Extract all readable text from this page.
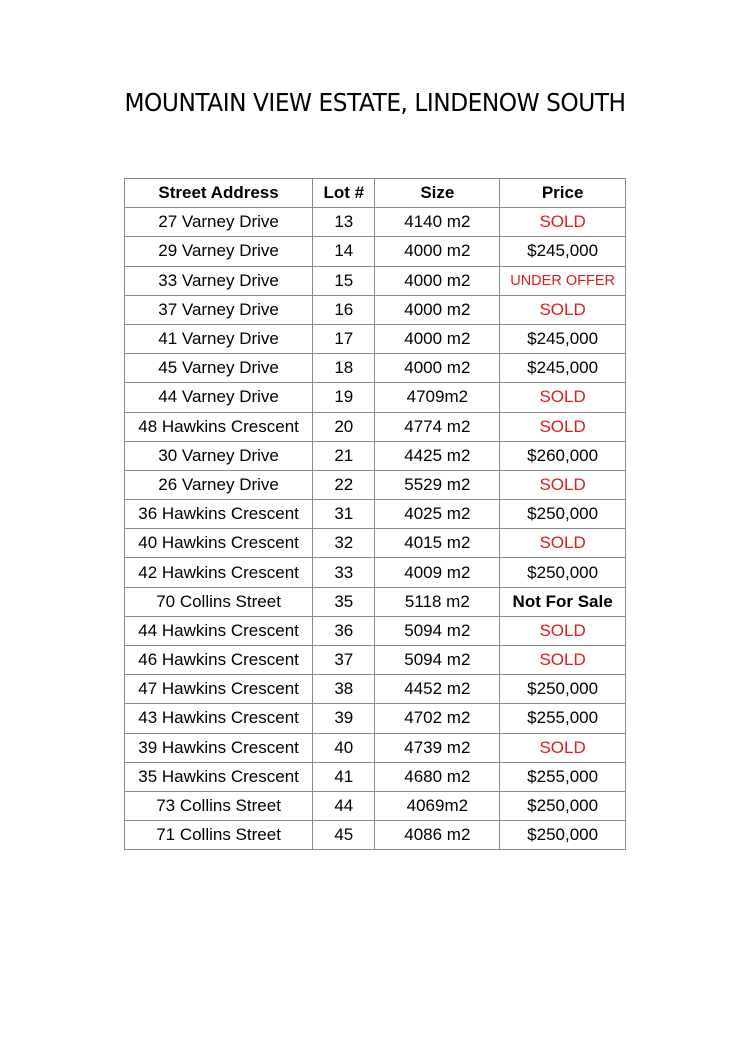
MOUNTAIN VIEW ESTATE, LINDENOW SOUTH
Street Address	Lot #	Size	Price
27 Varney Drive	13	4140 m2	SOLD
29 Varney Drive	14	4000 m2	$245,000
33 Varney Drive	15	4000 m2	UNDER OFFER
37 Varney Drive	16	4000 m2	SOLD
41 Varney Drive	17	4000 m2	$245,000
45 Varney Drive	18	4000 m2	$245,000
44 Varney Drive	19	4709m2	SOLD
48 Hawkins Crescent	20	4774 m2	SOLD
30 Varney Drive	21	4425 m2	$260,000
26 Varney Drive	22	5529 m2	SOLD
36 Hawkins Crescent	31	4025 m2	$250,000
40 Hawkins Crescent	32	4015 m2	SOLD
42 Hawkins Crescent	33	4009 m2	$250,000
70 Collins Street	35	5118 m2	Not For Sale
44 Hawkins Crescent	36	5094 m2	SOLD
46 Hawkins Crescent	37	5094 m2	SOLD
47 Hawkins Crescent	38	4452 m2	$250,000
43 Hawkins Crescent	39	4702 m2	$255,000
39 Hawkins Crescent	40	4739 m2	SOLD
35 Hawkins Crescent	41	4680 m2	$255,000
73 Collins Street	44	4069m2	$250,000
71 Collins Street	45	4086 m2	$250,000
